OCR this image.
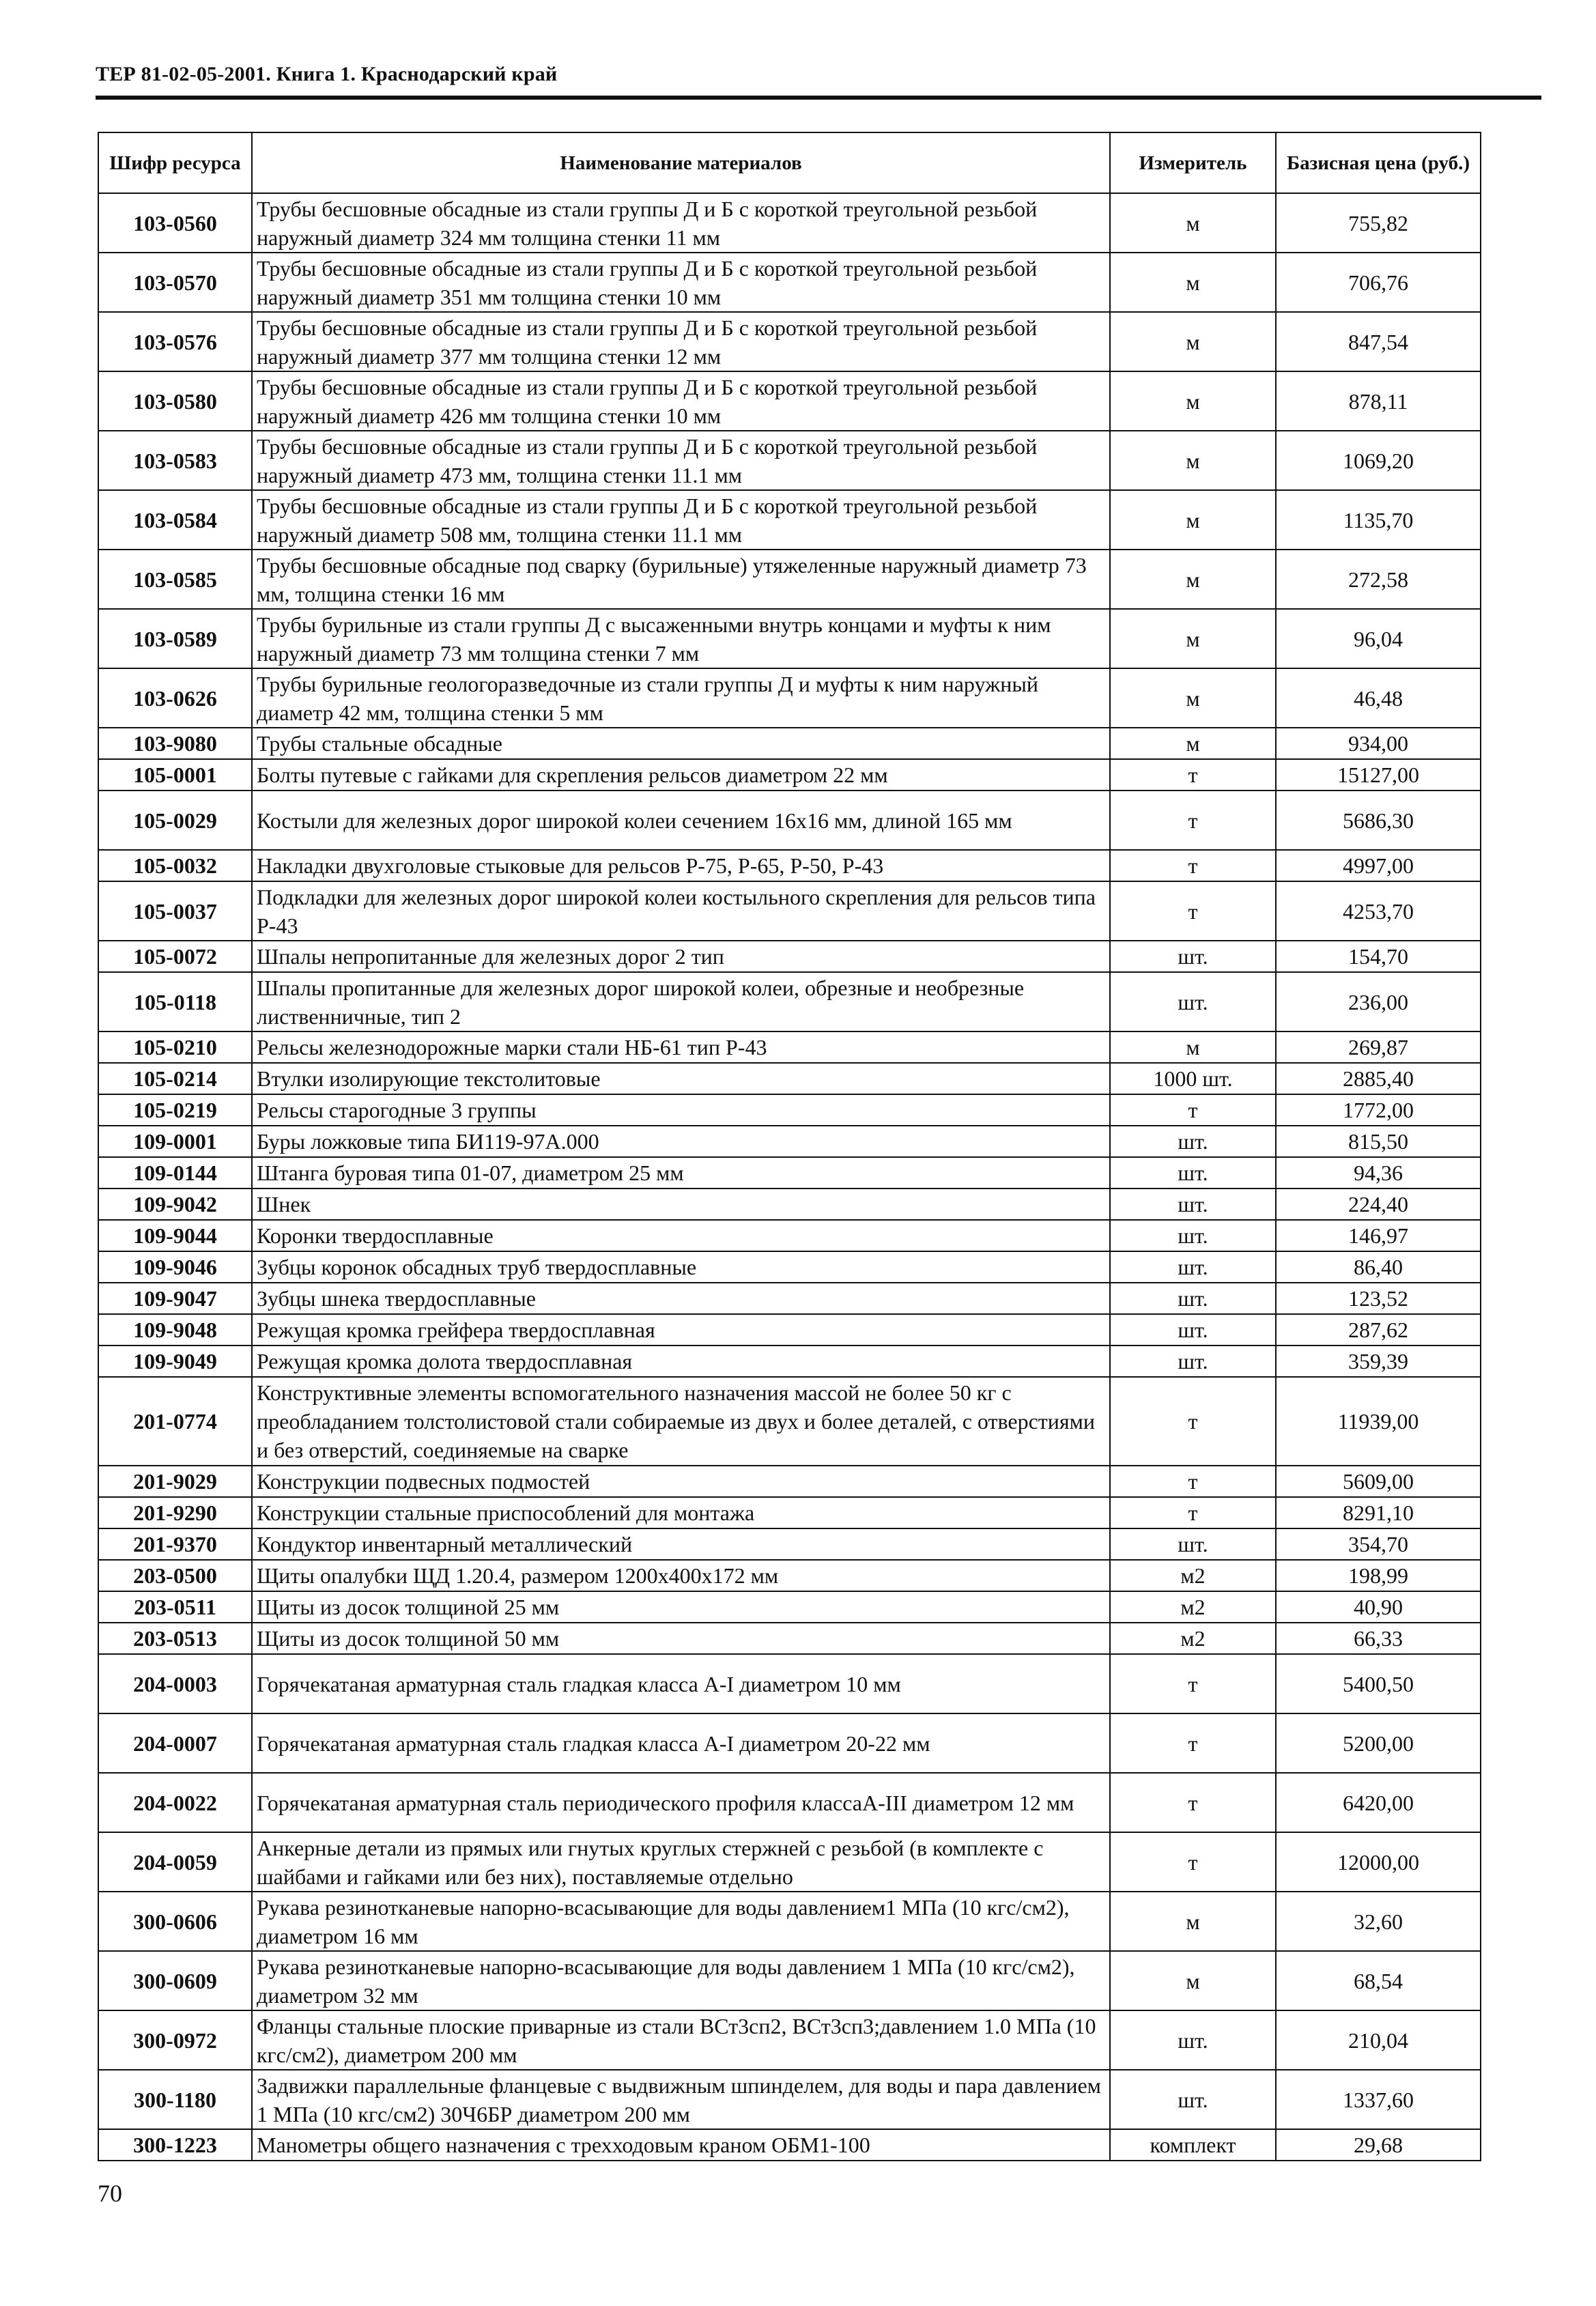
ТЕР 81-02-05-2001. Книга 1. Краснодарский край
Шифр ресурса	Наименование материалов	Измеритель	Базисная цена (руб.)
103-0560	Трубы бесшовные обсадные из стали группы Д и Б с короткой треугольной резьбой наружный диаметр 324 мм толщина стенки 11 мм	м	755,82
103-0570	Трубы бесшовные обсадные из стали группы Д и Б с короткой треугольной резьбой наружный диаметр 351 мм толщина стенки 10 мм	м	706,76
103-0576	Трубы бесшовные обсадные из стали группы Д и Б с короткой треугольной резьбой наружный диаметр 377 мм толщина стенки 12 мм	м	847,54
103-0580	Трубы бесшовные обсадные из стали группы Д и Б с короткой треугольной резьбой наружный диаметр 426 мм толщина стенки 10 мм	м	878,11
103-0583	Трубы бесшовные обсадные из стали группы Д и Б с короткой треугольной резьбой наружный диаметр 473 мм, толщина стенки 11.1 мм	м	1069,20
103-0584	Трубы бесшовные обсадные из стали группы Д и Б с короткой треугольной резьбой наружный диаметр 508 мм, толщина стенки 11.1 мм	м	1135,70
103-0585	Трубы бесшовные обсадные под сварку (бурильные) утяжеленные наружный диаметр 73 мм, толщина стенки 16 мм	м	272,58
103-0589	Трубы бурильные из стали группы Д с высаженными внутрь концами и муфты к ним наружный диаметр 73 мм толщина стенки 7 мм	м	96,04
103-0626	Трубы бурильные геологоразведочные из стали группы Д и муфты к ним наружный диаметр 42 мм, толщина стенки 5 мм	м	46,48
103-9080	Трубы стальные обсадные	м	934,00
105-0001	Болты путевые с гайками для скрепления рельсов диаметром 22 мм	т	15127,00
105-0029	Костыли для железных дорог широкой колеи сечением 16х16 мм, длиной 165 мм	т	5686,30
105-0032	Накладки двухголовые стыковые для рельсов Р-75, Р-65, Р-50, Р-43	т	4997,00
105-0037	Подкладки для железных дорог широкой колеи костыльного скрепления для рельсов типа Р-43	т	4253,70
105-0072	Шпалы непропитанные для железных дорог 2 тип	шт.	154,70
105-0118	Шпалы пропитанные для железных дорог широкой колеи, обрезные и необрезные лиственничные, тип 2	шт.	236,00
105-0210	Рельсы железнодорожные марки стали НБ-61 тип Р-43	м	269,87
105-0214	Втулки изолирующие текстолитовые	1000 шт.	2885,40
105-0219	Рельсы старогодные 3 группы	т	1772,00
109-0001	Буры ложковые типа БИ119-97А.000	шт.	815,50
109-0144	Штанга буровая типа 01-07, диаметром 25 мм	шт.	94,36
109-9042	Шнек	шт.	224,40
109-9044	Коронки твердосплавные	шт.	146,97
109-9046	Зубцы коронок обсадных труб твердосплавные	шт.	86,40
109-9047	Зубцы шнека твердосплавные	шт.	123,52
109-9048	Режущая кромка грейфера твердосплавная	шт.	287,62
109-9049	Режущая кромка долота твердосплавная	шт.	359,39
201-0774	Конструктивные элементы вспомогательного назначения массой не более 50 кг с преобладанием толстолистовой стали собираемые из двух и более деталей, с отверстиями и без отверстий, соединяемые на сварке	т	11939,00
201-9029	Конструкции подвесных подмостей	т	5609,00
201-9290	Конструкции стальные приспособлений для монтажа	т	8291,10
201-9370	Кондуктор инвентарный металлический	шт.	354,70
203-0500	Щиты опалубки ЩД 1.20.4, размером 1200х400х172 мм	м2	198,99
203-0511	Щиты из досок толщиной 25 мм	м2	40,90
203-0513	Щиты из досок толщиной 50 мм	м2	66,33
204-0003	Горячекатаная арматурная сталь гладкая класса А-I диаметром 10 мм	т	5400,50
204-0007	Горячекатаная арматурная сталь гладкая класса А-I диаметром 20-22 мм	т	5200,00
204-0022	Горячекатаная арматурная сталь периодического профиля классаА-III диаметром 12 мм	т	6420,00
204-0059	Анкерные детали из прямых или гнутых круглых стержней с резьбой (в комплекте с шайбами и гайками или без них), поставляемые отдельно	т	12000,00
300-0606	Рукава резинотканевые напорно-всасывающие для воды давлением1 МПа (10 кгс/см2), диаметром 16 мм	м	32,60
300-0609	Рукава резинотканевые напорно-всасывающие для воды давлением 1 МПа (10 кгс/см2), диаметром 32 мм	м	68,54
300-0972	Фланцы стальные плоские приварные из стали ВСт3сп2, ВСт3сп3;давлением 1.0 МПа (10 кгс/см2), диаметром 200 мм	шт.	210,04
300-1180	Задвижки параллельные фланцевые с выдвижным шпинделем, для воды и пара давлением 1 МПа (10 кгс/см2) 30Ч6БР диаметром 200 мм	шт.	1337,60
300-1223	Манометры общего назначения с трехходовым краном ОБМ1-100	комплект	29,68
70
